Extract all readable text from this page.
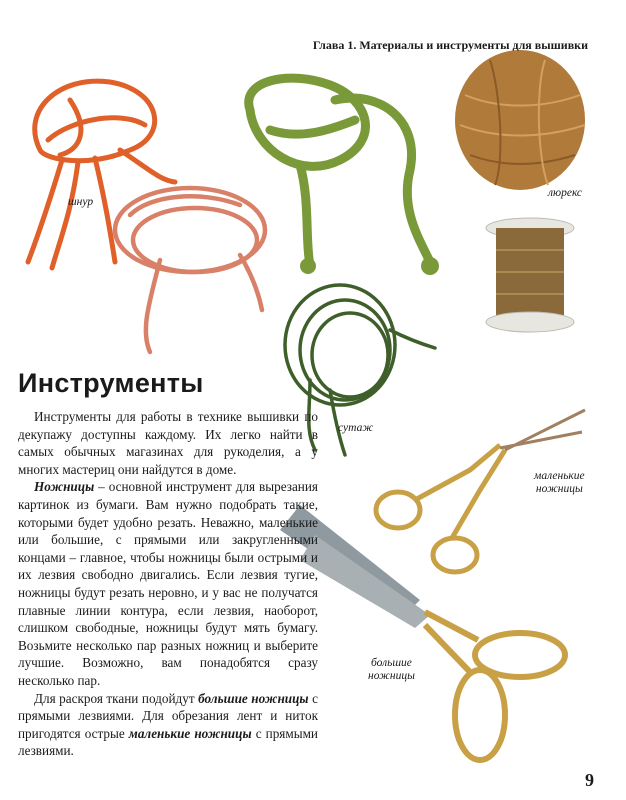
Глава 1. Материалы и инструменты для вышивки
шнур
люрекс
сутаж
маленькие
ножницы
большие
ножницы
Инструменты

Инструменты для работы в технике вышивки по декупажу доступны каждому. Их легко найти в самых обычных магазинах для рукоделия, а у многих мастериц они найдутся в доме.

Ножницы – основной инструмент для вырезания картинок из бумаги. Вам нужно подобрать такие, которыми будет удобно резать. Неважно, маленькие или большие, с прямыми или закругленными концами – главное, чтобы ножницы были острыми и их лезвия свободно двигались. Если лезвия тугие, ножницы будут резать неровно, и у вас не получатся плавные линии контура, если лезвия, наоборот, слишком свободные, ножницы будут мять бумагу. Возьмите несколько пар разных ножниц и выберите лучшие. Возможно, вам понадобятся сразу несколько пар.

Для раскроя ткани подойдут большие ножницы с прямыми лезвиями. Для обрезания лент и ниток пригодятся острые маленькие ножницы с прямыми лезвиями.

9
